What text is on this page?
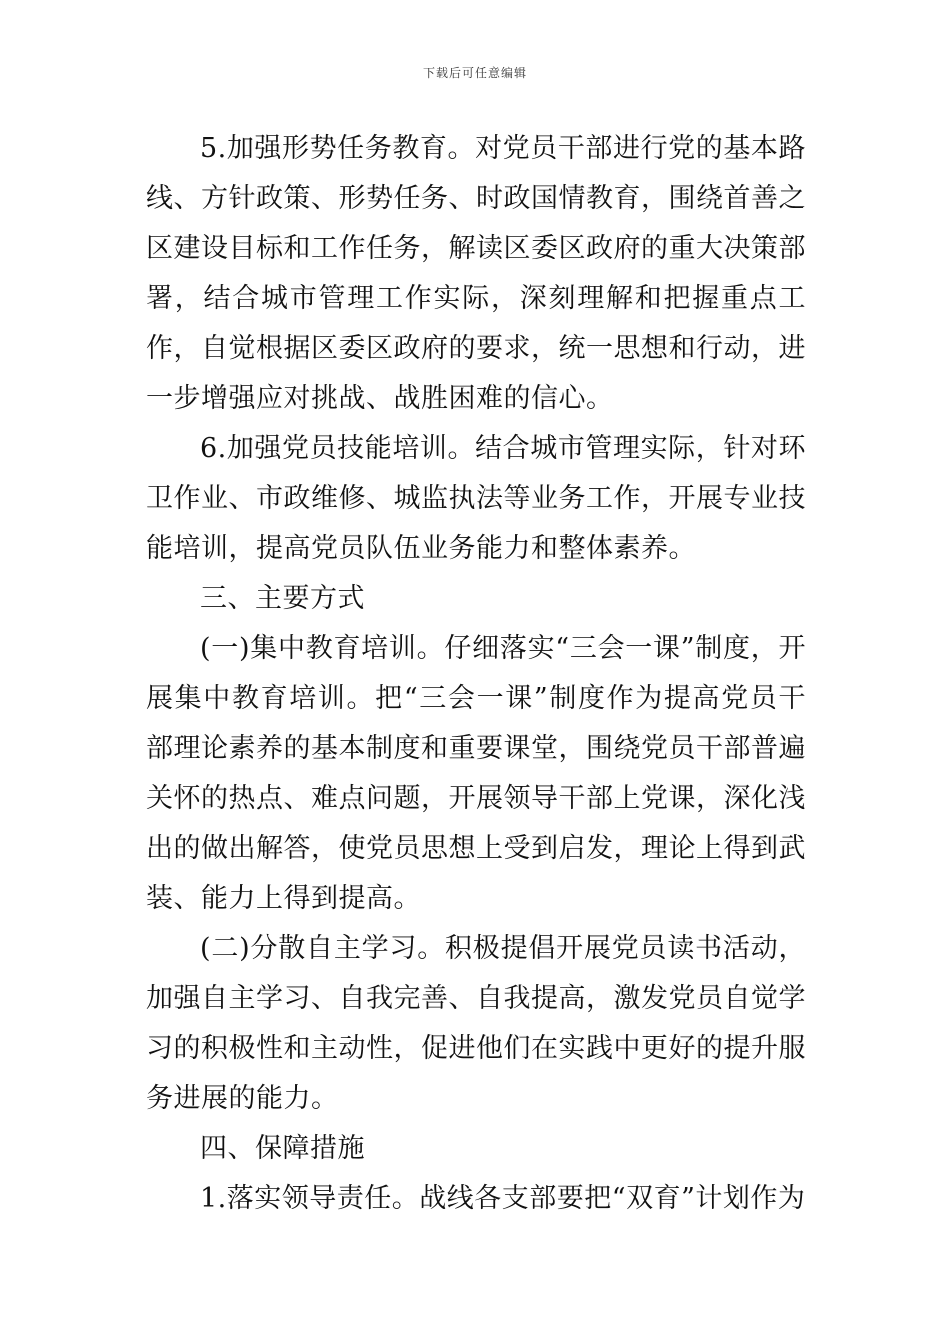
下载后可任意编辑

5.加强形势任务教育。对党员干部进行党的基本路线、方针政策、形势任务、时政国情教育，围绕首善之区建设目标和工作任务，解读区委区政府的重大决策部署，结合城市管理工作实际，深刻理解和把握重点工作，自觉根据区委区政府的要求，统一思想和行动，进一步增强应对挑战、战胜困难的信心。

6.加强党员技能培训。结合城市管理实际，针对环卫作业、市政维修、城监执法等业务工作，开展专业技能培训，提高党员队伍业务能力和整体素养。

三、主要方式

(一)集中教育培训。仔细落实“三会一课”制度，开展集中教育培训。把“三会一课”制度作为提高党员干部理论素养的基本制度和重要课堂，围绕党员干部普遍关怀的热点、难点问题，开展领导干部上党课，深化浅出的做出解答，使党员思想上受到启发，理论上得到武装、能力上得到提高。

(二)分散自主学习。积极提倡开展党员读书活动，加强自主学习、自我完善、自我提高，激发党员自觉学习的积极性和主动性，促进他们在实践中更好的提升服务进展的能力。

四、保障措施

1.落实领导责任。战线各支部要把“双育”计划作为
